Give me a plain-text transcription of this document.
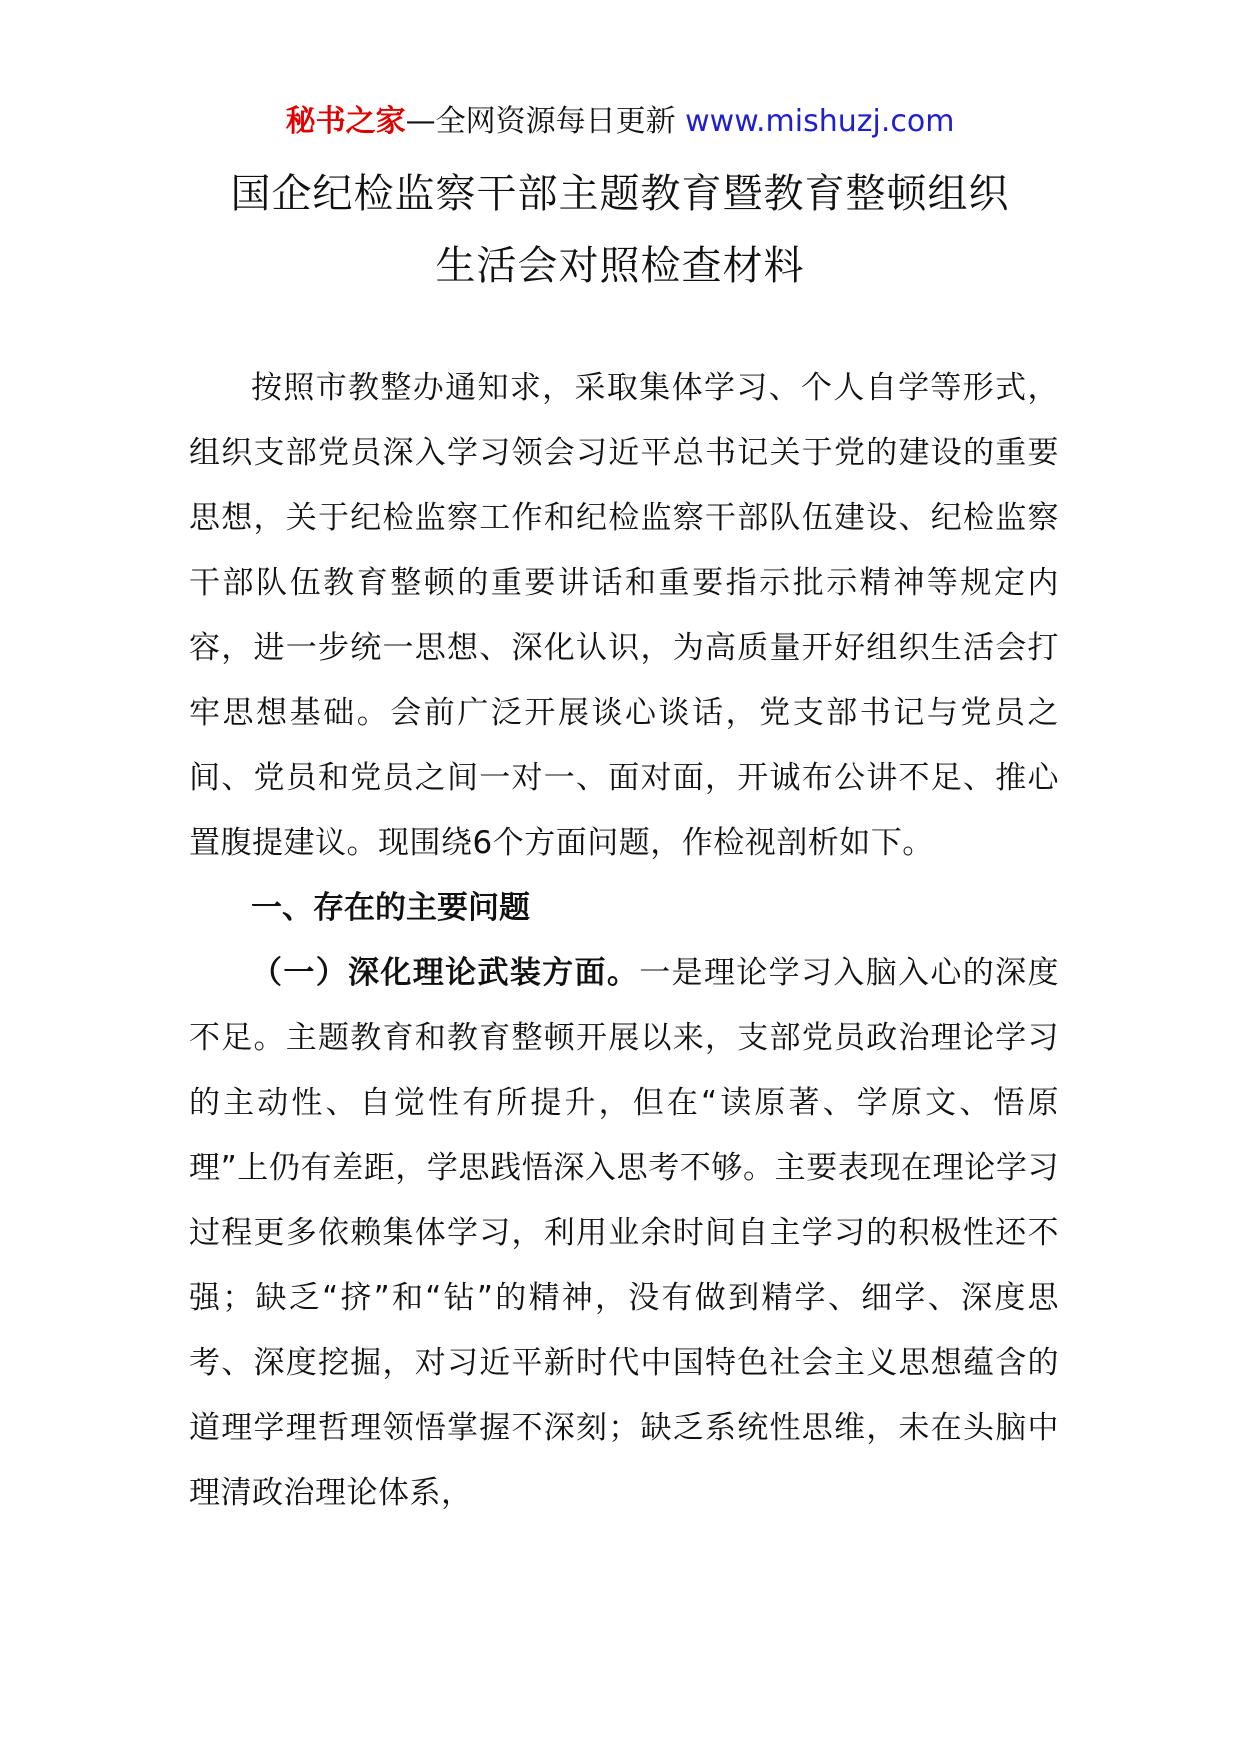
秘书之家—全网资源每日更新 www.mishuzj.com
国企纪检监察干部主题教育暨教育整顿组织
生活会对照检查材料

按照市教整办通知求，采取集体学习、个人自学等形式，组织支部党员深入学习领会习近平总书记关于党的建设的重要思想，关于纪检监察工作和纪检监察干部队伍建设、纪检监察干部队伍教育整顿的重要讲话和重要指示批示精神等规定内容，进一步统一思想、深化认识，为高质量开好组织生活会打牢思想基础。会前广泛开展谈心谈话，党支部书记与党员之间、党员和党员之间一对一、面对面，开诚布公讲不足、推心置腹提建议。现围绕6个方面问题，作检视剖析如下。

一、存在的主要问题

（一）深化理论武装方面。一是理论学习入脑入心的深度不足。主题教育和教育整顿开展以来，支部党员政治理论学习的主动性、自觉性有所提升，但在“读原著、学原文、悟原理”上仍有差距，学思践悟深入思考不够。主要表现在理论学习过程更多依赖集体学习，利用业余时间自主学习的积极性还不强；缺乏“挤”和“钻”的精神，没有做到精学、细学、深度思考、深度挖掘，对习近平新时代中国特色社会主义思想蕴含的道理学理哲理领悟掌握不深刻；缺乏系统性思维，未在头脑中理清政治理论体系，
